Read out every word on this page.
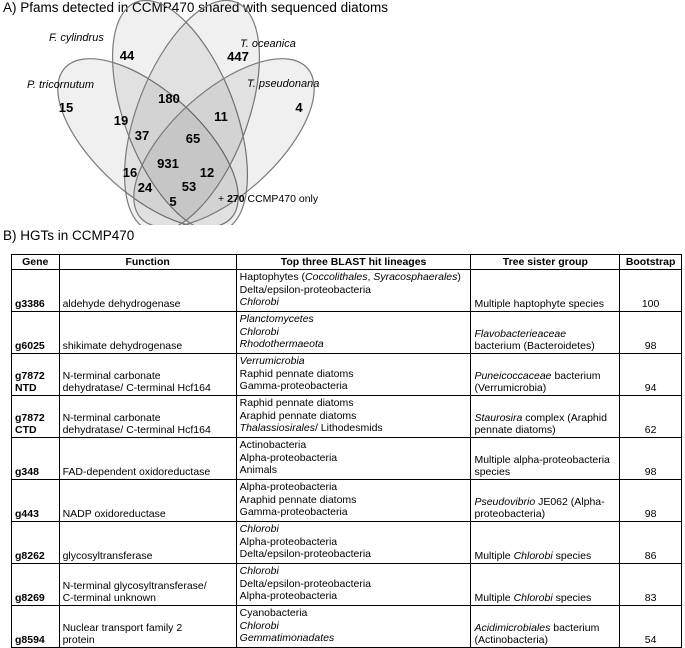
A) Pfams detected in CCMP470 shared with sequenced diatoms
F. cylindrus	T. oceanica
P. tricornutum	T. pseudonana
44	447
15	4
180
19	11
37	65
931
16	12
24 53
5	+ 270 CCMP470 only
B) HGTs in CCMP470
Gene	Function	Top three BLAST hit lineages	Tree sister group	Bootstrap

g3386	aldehyde dehydrogenase	Haptophytes (Coccolithales, Syracosphaerales)
Delta/epsilon-proteobacteria
Chlorobi	Multiple haptophyte species	100

g6025	shikimate dehydrogenase	Planctomycetes
Chlorobi
Rhodothermaeota	Flavobacterieaceae
bacterium (Bacteroidetes)	98

g7872
NTD	N-terminal carbonate
dehydratase/ C-terminal Hcf164	Verrumicrobia
Raphid pennate diatoms
Gamma-proteobacteria	Puneicoccaceae bacterium
(Verrumicrobia)	94

g7872
CTD	N-terminal carbonate
dehydratase/ C-terminal Hcf164	Raphid pennate diatoms
Araphid pennate diatoms
Thalassiosirales/ Lithodesmids	Staurosira complex (Araphid
pennate diatoms)	62

g348	FAD-dependent oxidoreductase	Actinobacteria
Alpha-proteobacteria
Animals	Multiple alpha-proteobacteria
species	98

g443	NADP oxidoreductase	Alpha-proteobacteria
Araphid pennate diatoms
Gamma-proteobacteria	Pseudovibrio JE062 (Alpha-
proteobacteria)	98

g8262	glycosyltransferase	Chlorobi
Alpha-proteobacteria
Delta/epsilon-proteobacteria	Multiple Chlorobi species	86

g8269	N-terminal glycosyltransferase/
C-terminal unknown	Chlorobi
Delta/epsilon-proteobacteria
Alpha-proteobacteria	Multiple Chlorobi species	83

g8594	Nuclear transport family 2
protein	Cyanobacteria
Chlorobi
Gemmatimonadates	Acidimicrobiales bacterium
(Actinobacteria)	54
